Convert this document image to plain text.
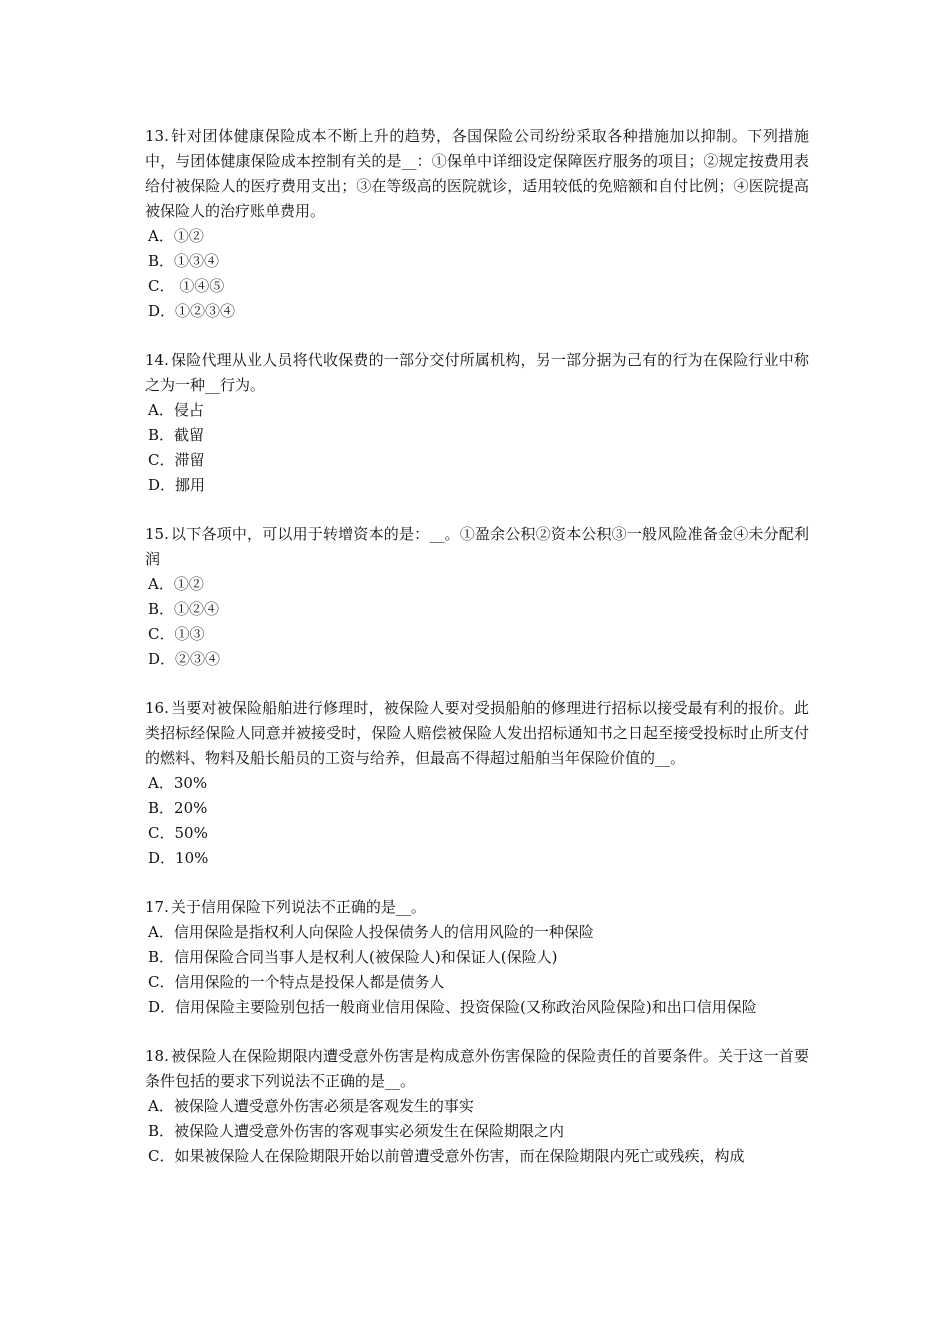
13. 针对团体健康保险成本不断上升的趋势，各国保险公司纷纷采取各种措施加以抑制。下列措施中，与团体健康保险成本控制有关的是__：①保单中详细设定保障医疗服务的项目；②规定按费用表给付被保险人的医疗费用支出；③在等级高的医院就诊，适用较低的免赔额和自付比例；④医院提高被保险人的治疗账单费用。

A．①②

B．①③④

C． ①④⑤

D．①②③④

14. 保险代理从业人员将代收保费的一部分交付所属机构，另一部分据为己有的行为在保险行业中称之为一种__行为。

A．侵占

B．截留

C．滞留

D．挪用

15. 以下各项中，可以用于转增资本的是：__。①盈余公积②资本公积③一般风险准备金④未分配利润

A．①②

B．①②④

C．①③

D．②③④

16. 当要对被保险船舶进行修理时，被保险人要对受损船舶的修理进行招标以接受最有利的报价。此类招标经保险人同意并被接受时，保险人赔偿被保险人发出招标通知书之日起至接受投标时止所支付的燃料、物料及船长船员的工资与给养，但最高不得超过船舶当年保险价值的__。

A．30%

B．20%

C．50%

D．10%

17. 关于信用保险下列说法不正确的是__。

A．信用保险是指权利人向保险人投保债务人的信用风险的一种保险

B．信用保险合同当事人是权利人(被保险人)和保证人(保险人)

C．信用保险的一个特点是投保人都是债务人

D．信用保险主要险别包括一般商业信用保险、投资保险(又称政治风险保险)和出口信用保险

18. 被保险人在保险期限内遭受意外伤害是构成意外伤害保险的保险责任的首要条件。关于这一首要条件包括的要求下列说法不正确的是__。

A．被保险人遭受意外伤害必须是客观发生的事实

B．被保险人遭受意外伤害的客观事实必须发生在保险期限之内

C．如果被保险人在保险期限开始以前曾遭受意外伤害，而在保险期限内死亡或残疾，构成
